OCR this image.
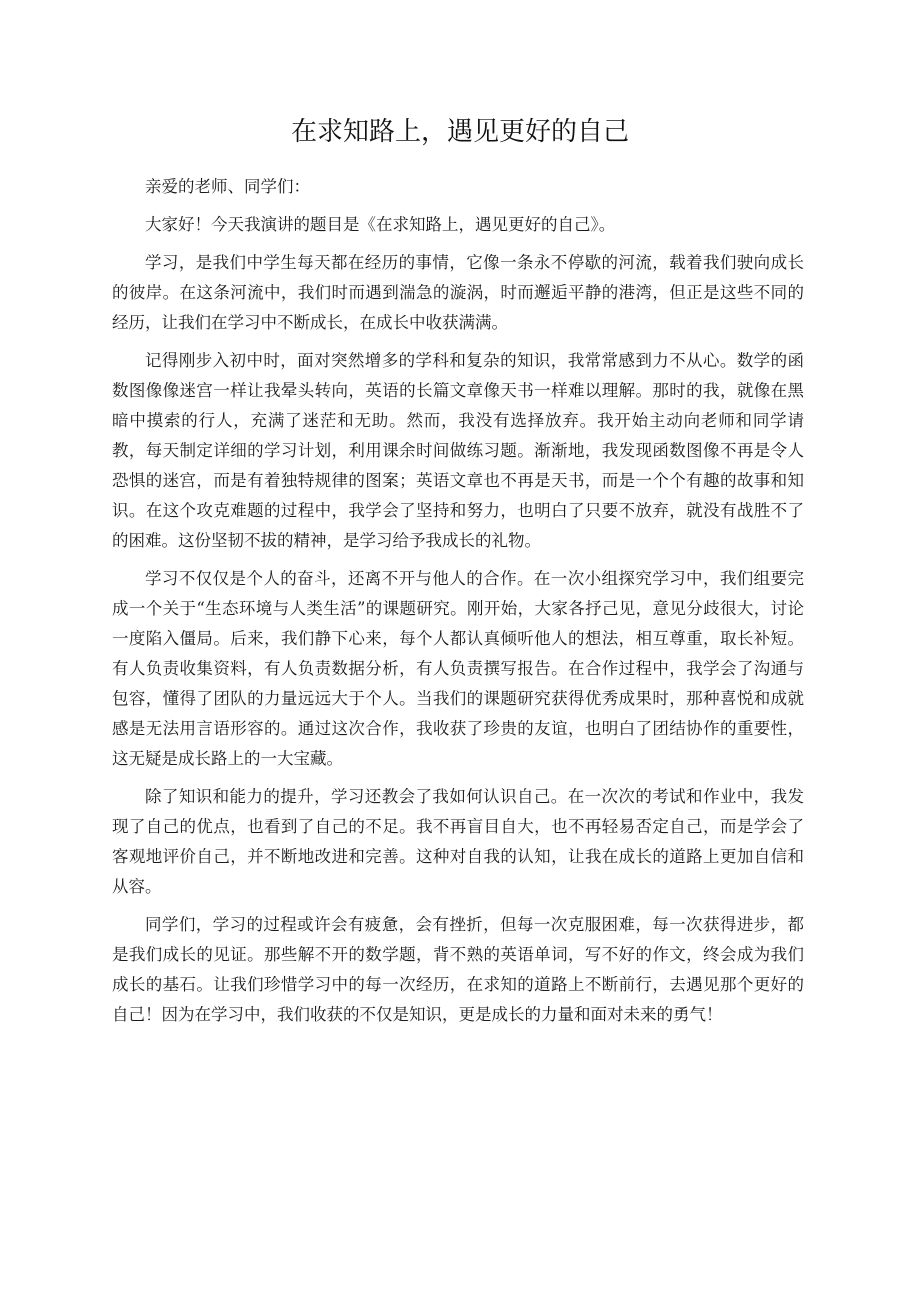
在求知路上，遇见更好的自己

亲爱的老师、同学们：

大家好！今天我演讲的题目是《在求知路上，遇见更好的自己》。

学习，是我们中学生每天都在经历的事情，它像一条永不停歇的河流，载着我们驶向成长的彼岸。在这条河流中，我们时而遇到湍急的漩涡，时而邂逅平静的港湾，但正是这些不同的经历，让我们在学习中不断成长，在成长中收获满满。

记得刚步入初中时，面对突然增多的学科和复杂的知识，我常常感到力不从心。数学的函数图像像迷宫一样让我晕头转向，英语的长篇文章像天书一样难以理解。那时的我，就像在黑暗中摸索的行人，充满了迷茫和无助。然而，我没有选择放弃。我开始主动向老师和同学请教，每天制定详细的学习计划，利用课余时间做练习题。渐渐地，我发现函数图像不再是令人恐惧的迷宫，而是有着独特规律的图案；英语文章也不再是天书，而是一个个有趣的故事和知识。在这个攻克难题的过程中，我学会了坚持和努力，也明白了只要不放弃，就没有战胜不了的困难。这份坚韧不拔的精神，是学习给予我成长的礼物。

学习不仅仅是个人的奋斗，还离不开与他人的合作。在一次小组探究学习中，我们组要完成一个关于“生态环境与人类生活”的课题研究。刚开始，大家各抒己见，意见分歧很大，讨论一度陷入僵局。后来，我们静下心来，每个人都认真倾听他人的想法，相互尊重，取长补短。有人负责收集资料，有人负责数据分析，有人负责撰写报告。在合作过程中，我学会了沟通与包容，懂得了团队的力量远远大于个人。当我们的课题研究获得优秀成果时，那种喜悦和成就感是无法用言语形容的。通过这次合作，我收获了珍贵的友谊，也明白了团结协作的重要性，这无疑是成长路上的一大宝藏。

除了知识和能力的提升，学习还教会了我如何认识自己。在一次次的考试和作业中，我发现了自己的优点，也看到了自己的不足。我不再盲目自大，也不再轻易否定自己，而是学会了客观地评价自己，并不断地改进和完善。这种对自我的认知，让我在成长的道路上更加自信和从容。

同学们，学习的过程或许会有疲惫，会有挫折，但每一次克服困难，每一次获得进步，都是我们成长的见证。那些解不开的数学题，背不熟的英语单词，写不好的作文，终会成为我们成长的基石。让我们珍惜学习中的每一次经历，在求知的道路上不断前行，去遇见那个更好的自己！因为在学习中，我们收获的不仅是知识，更是成长的力量和面对未来的勇气！
